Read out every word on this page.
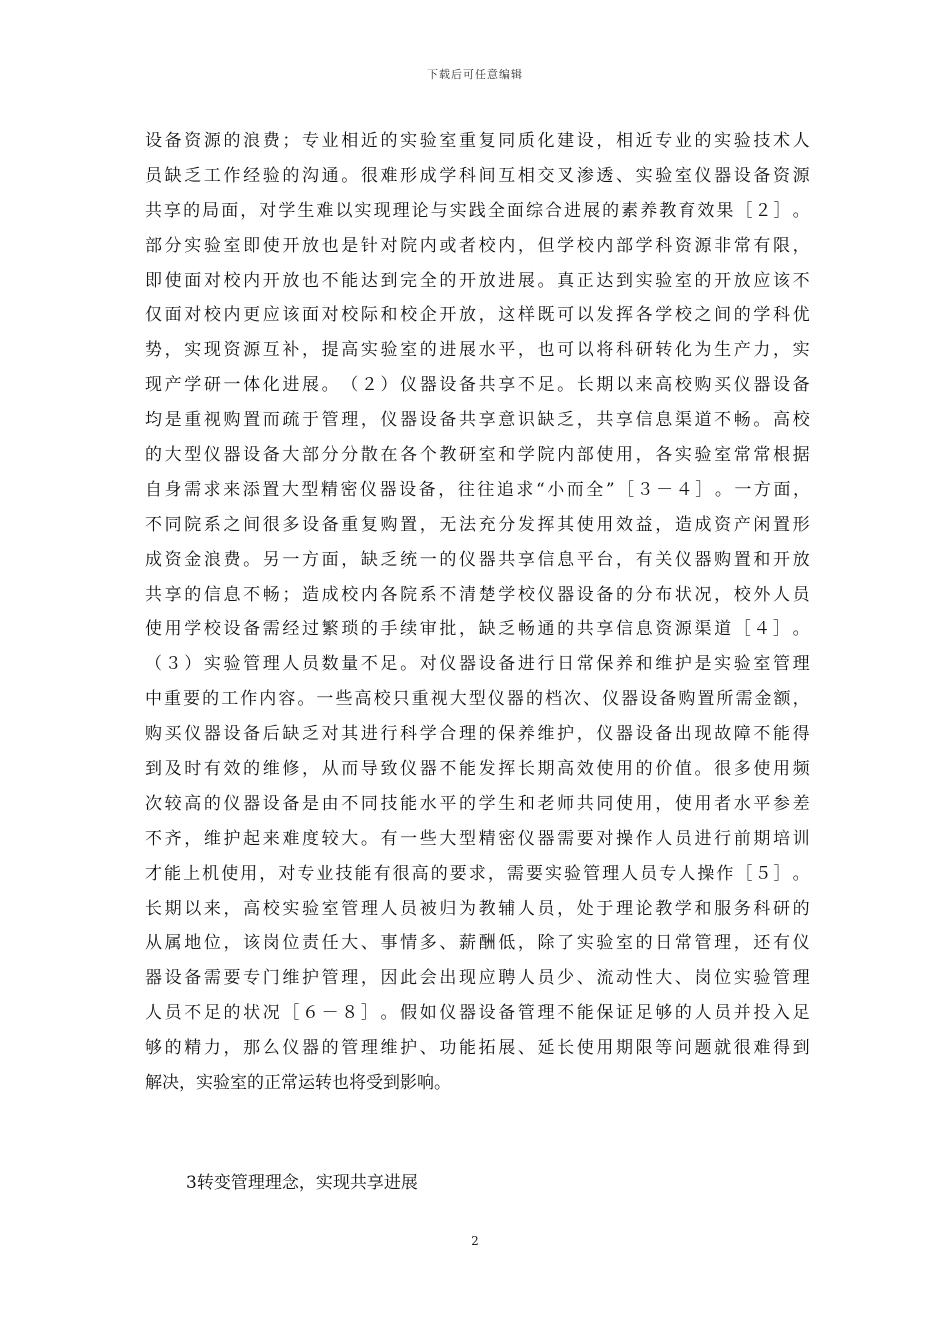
下载后可任意编辑
设 备 资 源 的 浪 费 ； 专 业 相 近 的 实 验 室 重 复 同 质 化 建 设 ， 相 近 专 业 的 实 验 技 术 人
员 缺 乏 工 作 经 验 的 沟 通 。 很 难 形 成 学 科 间 互 相 交 叉 渗 透 、 实 验 室 仪 器 设 备 资 源
共 享 的 局 面 ， 对 学 生 难 以 实 现 理 论 与 实 践 全 面 综 合 进 展 的 素 养 教 育 效 果 ［ ２ ］ 。
部 分 实 验 室 即 使 开 放 也 是 针 对 院 内 或 者 校 内 ， 但 学 校 内 部 学 科 资 源 非 常 有 限 ，
即 使 面 对 校 内 开 放 也 不 能 达 到 完 全 的 开 放 进 展 。 真 正 达 到 实 验 室 的 开 放 应 该 不
仅 面 对 校 内 更 应 该 面 对 校 际 和 校 企 开 放 ， 这 样 既 可 以 发 挥 各 学 校 之 间 的 学 科 优
势 ， 实 现 资 源 互 补 ， 提 高 实 验 室 的 进 展 水 平 ， 也 可 以 将 科 研 转 化 为 生 产 力 ， 实
现 产 学 研 一 体 化 进 展 。 （ ２ ） 仪 器 设 备 共 享 不 足 。 长 期 以 来 高 校 购 买 仪 器 设 备
均 是 重 视 购 置 而 疏 于 管 理 ， 仪 器 设 备 共 享 意 识 缺 乏 ， 共 享 信 息 渠 道 不 畅 。 高 校
的 大 型 仪 器 设 备 大 部 分 分 散 在 各 个 教 研 室 和 学 院 内 部 使 用 ， 各 实 验 室 常 常 根 据
自 身 需 求 来 添 置 大 型 精 密 仪 器 设 备 ， 往 往 追 求 “ 小 而 全 ” ［ ３ － ４ ］ 。 一 方 面 ，
不 同 院 系 之 间 很 多 设 备 重 复 购 置 ， 无 法 充 分 发 挥 其 使 用 效 益 ， 造 成 资 产 闲 置 形
成 资 金 浪 费 。 另 一 方 面 ， 缺 乏 统 一 的 仪 器 共 享 信 息 平 台 ， 有 关 仪 器 购 置 和 开 放
共 享 的 信 息 不 畅 ； 造 成 校 内 各 院 系 不 清 楚 学 校 仪 器 设 备 的 分 布 状 况 ， 校 外 人 员
使 用 学 校 设 备 需 经 过 繁 琐 的 手 续 审 批 ， 缺 乏 畅 通 的 共 享 信 息 资 源 渠 道 ［ ４ ］ 。
（ ３ ） 实 验 管 理 人 员 数 量 不 足 。 对 仪 器 设 备 进 行 日 常 保 养 和 维 护 是 实 验 室 管 理
中 重 要 的 工 作 内 容 。 一 些 高 校 只 重 视 大 型 仪 器 的 档 次 、 仪 器 设 备 购 置 所 需 金 额 ，
购 买 仪 器 设 备 后 缺 乏 对 其 进 行 科 学 合 理 的 保 养 维 护 ， 仪 器 设 备 出 现 故 障 不 能 得
到 及 时 有 效 的 维 修 ， 从 而 导 致 仪 器 不 能 发 挥 长 期 高 效 使 用 的 价 值 。 很 多 使 用 频
次 较 高 的 仪 器 设 备 是 由 不 同 技 能 水 平 的 学 生 和 老 师 共 同 使 用 ， 使 用 者 水 平 参 差
不 齐 ， 维 护 起 来 难 度 较 大 。 有 一 些 大 型 精 密 仪 器 需 要 对 操 作 人 员 进 行 前 期 培 训
才 能 上 机 使 用 ， 对 专 业 技 能 有 很 高 的 要 求 ， 需 要 实 验 管 理 人 员 专 人 操 作 ［ ５ ］ 。
长 期 以 来 ， 高 校 实 验 室 管 理 人 员 被 归 为 教 辅 人 员 ， 处 于 理 论 教 学 和 服 务 科 研 的
从 属 地 位 ， 该 岗 位 责 任 大 、 事 情 多 、 薪 酬 低 ， 除 了 实 验 室 的 日 常 管 理 ， 还 有 仪
器 设 备 需 要 专 门 维 护 管 理 ， 因 此 会 出 现 应 聘 人 员 少 、 流 动 性 大 、 岗 位 实 验 管 理
人 员 不 足 的 状 况 ［ ６ － ８ ］ 。 假 如 仪 器 设 备 管 理 不 能 保 证 足 够 的 人 员 并 投 入 足
够 的 精 力 ， 那 么 仪 器 的 管 理 维 护 、 功 能 拓 展 、 延 长 使 用 期 限 等 问 题 就 很 难 得 到
解决，实验室的正常运转也将受到影响。
3转变管理理念，实现共享进展
2
